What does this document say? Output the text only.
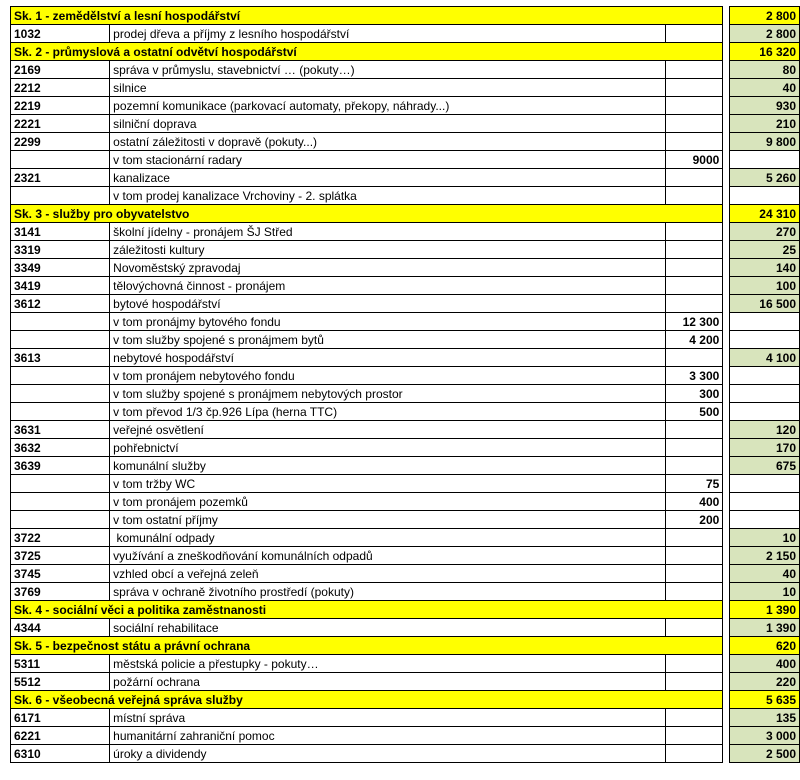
Sk. 1 - zemědělství a lesní hospodářství				2 800
1032	prodej dřeva a příjmy z lesního hospodářství			2 800
Sk. 2 - průmyslová a ostatní odvětví hospodářství				16 320
2169	správa v průmyslu, stavebnictví … (pokuty…)			80
2212	silnice			40
2219	pozemní komunikace (parkovací automaty, překopy, náhrady...)			930
2221	silniční doprava			210
2299	ostatní záležitosti v dopravě (pokuty...)			9 800
	v tom stacionární radary	9000		
2321	kanalizace			5 260
	v tom prodej kanalizace Vrchoviny - 2. splátka			
Sk. 3 - služby pro obyvatelstvo				24 310
3141	školní jídelny - pronájem ŠJ Střed			270
3319	záležitosti kultury			25
3349	Novoměstský zpravodaj			140
3419	tělovýchovná činnost - pronájem			100
3612	bytové hospodářství			16 500
	v tom pronájmy bytového fondu	12 300		
	v tom služby spojené s pronájmem bytů	4 200		
3613	nebytové hospodářství			4 100
	v tom pronájem nebytového fondu	3 300		
	v tom služby spojené s pronájmem nebytových prostor	300		
	v tom převod 1/3 čp.926 Lípa (herna TTC)	500		
3631	veřejné osvětlení			120
3632	pohřebnictví			170
3639	komunální služby			675
	v tom tržby WC	75		
	v tom pronájem pozemků	400		
	v tom ostatní příjmy	200		
3722	komunální odpady			10
3725	využívání a zneškodňování komunálních odpadů			2 150
3745	vzhled obcí a veřejná zeleň			40
3769	správa v ochraně životního prostředí (pokuty)			10
Sk. 4 - sociální věci a politika zaměstnanosti				1 390
4344	sociální rehabilitace			1 390
Sk. 5 - bezpečnost státu a právní ochrana				620
5311	městská policie a přestupky - pokuty…			400
5512	požární ochrana			220
Sk. 6 - všeobecná veřejná správa služby				5 635
6171	místní správa			135
6221	humanitární zahraniční pomoc			3 000
6310	úroky a dividendy			2 500
